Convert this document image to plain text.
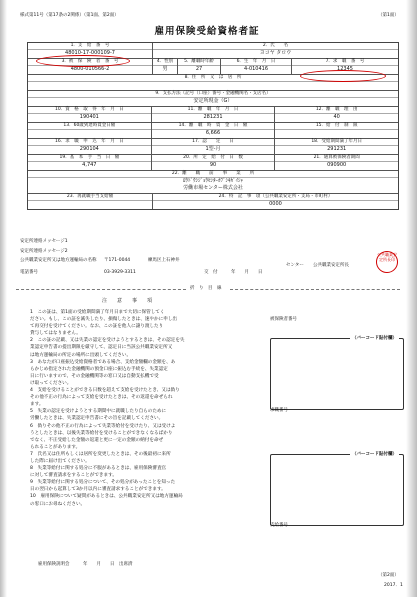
様式第11号（第17条の2関係）（第1面、第2面）	（第1面）
雇用保険受給資格者証
1．支　給　番　号
48010-17-000109-7
2．氏　　名
ヨコヤ タロウ
3．被　保　険　者　番　号
4800-010566-2
4．性別
男
5．離職時年齢
27
6．生　年　月　日
4-010416
7．求　職　番　号
12345
8．住　所　又　は　居　所
9．支払方法（記号（口座）番号・金融機関名・支店名）
安定所現金（G）
10．資　格　取　得　年　月　日
190401
11．離　職　年　月　日
281231
12．離　職　理　由
40
13．60歳到達時賃金日額	14．離　職　時　賃　金　日　額
6,666
15．給　付　制　限
16．求　職　申　込　年　月　日
290104
17．認　　定　　日
1型-月
18．受給期間満了年月日
291231
19．基　本　手　当　日　額
4,747
20．所　定　給　付　日　数
90
21．通算被保険者期間
090900
22．離　　職　　前　　事　　業　　所
ﾛｳﾄﾞｳｼｼﾞｮｳｾﾝﾀｰｶﾌﾞｼｷｶﾞｲｼｬ
労働市場センター株式会社
23．再就職手当支給額	24．特　記　事　項（公共職業安定所・支局・市町村）
0000
安定所連絡メッセージ1
安定所連絡メッセージ2
公共職業安定所又は地方運輸局の名称 〒171-0044	練馬区上石神井
電話番号	03-3929-3311	交　付　　　年　　月　　日
センター 公共職業安定所長
公共職業安定所長印
折　り　目　線
注　　意　　事　　項
1　この証は、第1面の受給期間満了年月日まで大切に保管してく
ださい。もし、この証を滅失したり、損傷したときは、速やかに申し出
て再交付を受けてください。なお、この証を他人に譲り渡したり
貸与してはなりません。
2　この証の記載、又は失業の認定を受けようとするときは、その認定を失
業認定申告書の提出期限を厳守して、認定日に当該公共職業安定所又
は地方運輸局の所定の場所に出頭してください。
3　あなたが口座振込受給資格者である場合、支給金額欄の金額を、あ
らかじめ指定された金融機関の預金口座に振込む手続を、失業認定
日に行いますので、その金融機関等の窓口又は自動支払機で受
け取ってください。
4　支給を受けることができる日数を超えて支給を受けたとき、又は偽り
その他不正の行為によって支給を受けたときは、その返還を命ぜられ
ます。
5　失業の認定を受けようとする期間中に就職したり自らのために
労働したときは、失業認定申告書にその旨を記載してください。
6　偽りその他不正の行為によって失業等給付を受けたり、又は受けよ
うとしたときは、以後失業等給付を受けることができなくなるばかり
でなく、不正受給した金額の返還と更に一定の金額の納付を命ぜ
られることがあります。
7　氏名又は住所もしくは居所を変更したときは、その後最初に来所
した際に届け出てください。
8　失業等給付に関する処分に不服があるときは、雇用保険審査官
に対して審査請求をすることができます。
9　失業等給付に関する処分について、その処分があったことを知った
日の翌日から起算して3か月以内に審査請求することができます。
10　雇用保険について疑問があるときは、公共職業安定所又は地方運輸局
の窓口にお尋ねください。
雇用保険説明会　　　年　　月　　日　出席済
被保険者番号
（バーコード貼付欄）
求職番号
（バーコード貼付欄）
支給番号
（第2面）
2017．1
